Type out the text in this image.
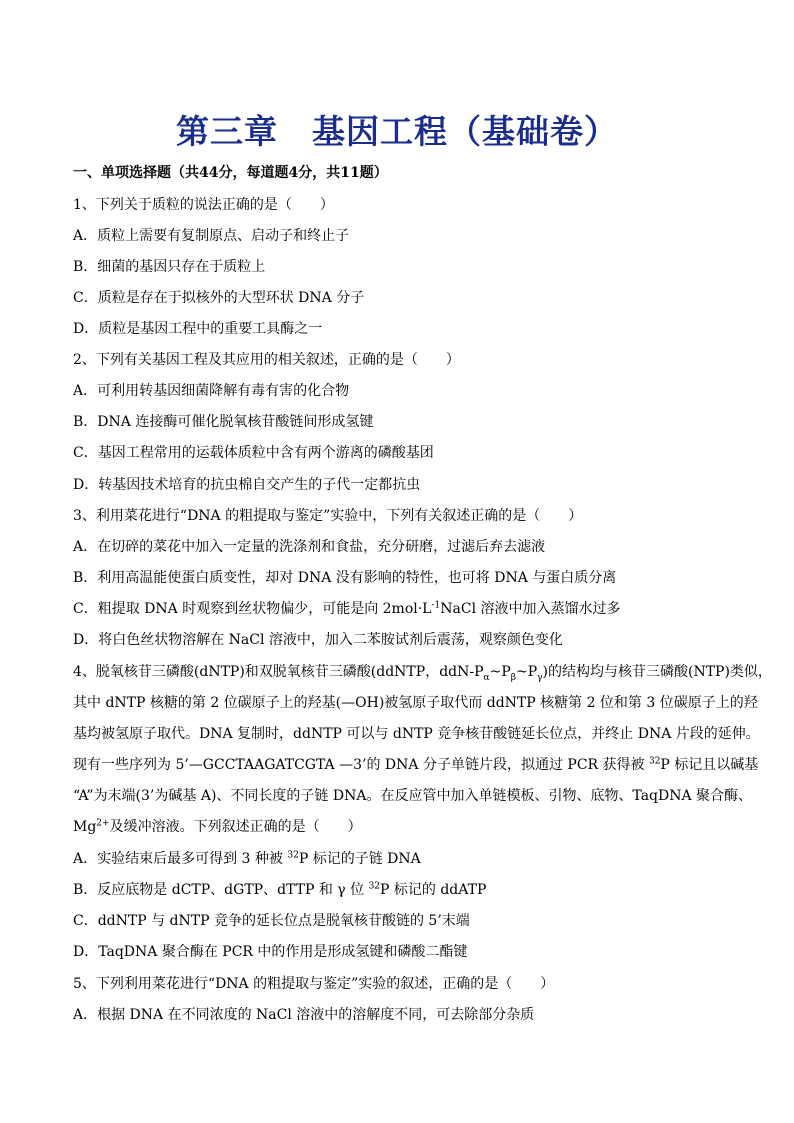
第三章　基因工程（基础卷）
一、单项选择题（共44分，每道题4分，共11题）
1、下列关于质粒的说法正确的是（　　）
A．质粒上需要有复制原点、启动子和终止子
B．细菌的基因只存在于质粒上
C．质粒是存在于拟核外的大型环状 DNA 分子
D．质粒是基因工程中的重要工具酶之一
2、下列有关基因工程及其应用的相关叙述，正确的是（　　）
A．可利用转基因细菌降解有毒有害的化合物
B．DNA 连接酶可催化脱氧核苷酸链间形成氢键
C．基因工程常用的运载体质粒中含有两个游离的磷酸基团
D．转基因技术培育的抗虫棉自交产生的子代一定都抗虫
3、利用菜花进行“DNA 的粗提取与鉴定”实验中，下列有关叙述正确的是（　　）
A．在切碎的菜花中加入一定量的洗涤剂和食盐，充分研磨，过滤后弃去滤液
B．利用高温能使蛋白质变性，却对 DNA 没有影响的特性，也可将 DNA 与蛋白质分离
C．粗提取 DNA 时观察到丝状物偏少，可能是向 $2mol\cdot L^{-1}NaCl$ 溶液中加入蒸馏水过多
D．将白色丝状物溶解在 NaCl 溶液中，加入二苯胺试剂后震荡，观察颜色变化
4、脱氧核苷三磷酸(dNTP)和双脱氧核苷三磷酸(ddNTP，ddN-$P_\alpha\sim P_\beta\sim P_\gamma$)的结构均与核苷三磷酸(NTP)类似，
其中 dNTP 核糖的第 2 位碳原子上的羟基(—OH)被氢原子取代而 ddNTP 核糖第 2 位和第 3 位碳原子上的羟
基均被氢原子取代。DNA 复制时，ddNTP 可以与 dNTP 竞争核苷酸链延长位点，并终止 DNA 片段的延伸。
现有一些序列为 5’—GCCTAAGATCGTA —3’的 DNA 分子单链片段，拟通过 PCR 获得被 $^{32}$P 标记且以碱基
“A”为末端(3’为碱基 A)、不同长度的子链 DNA。在反应管中加入单链模板、引物、底物、TaqDNA 聚合酶、
$Mg^{2+}$及缓冲溶液。下列叙述正确的是（　　）
A．实验结束后最多可得到 3 种被 $^{32}$P 标记的子链 DNA
B．反应底物是 dCTP、dGTP、dTTP 和 γ 位 $^{32}$P 标记的 ddATP
C．ddNTP 与 dNTP 竞争的延长位点是脱氧核苷酸链的 5’末端
D．TaqDNA 聚合酶在 PCR 中的作用是形成氢键和磷酸二酯键
5、下列利用菜花进行“DNA 的粗提取与鉴定”实验的叙述，正确的是（　　）
A．根据 DNA 在不同浓度的 NaCl 溶液中的溶解度不同，可去除部分杂质
